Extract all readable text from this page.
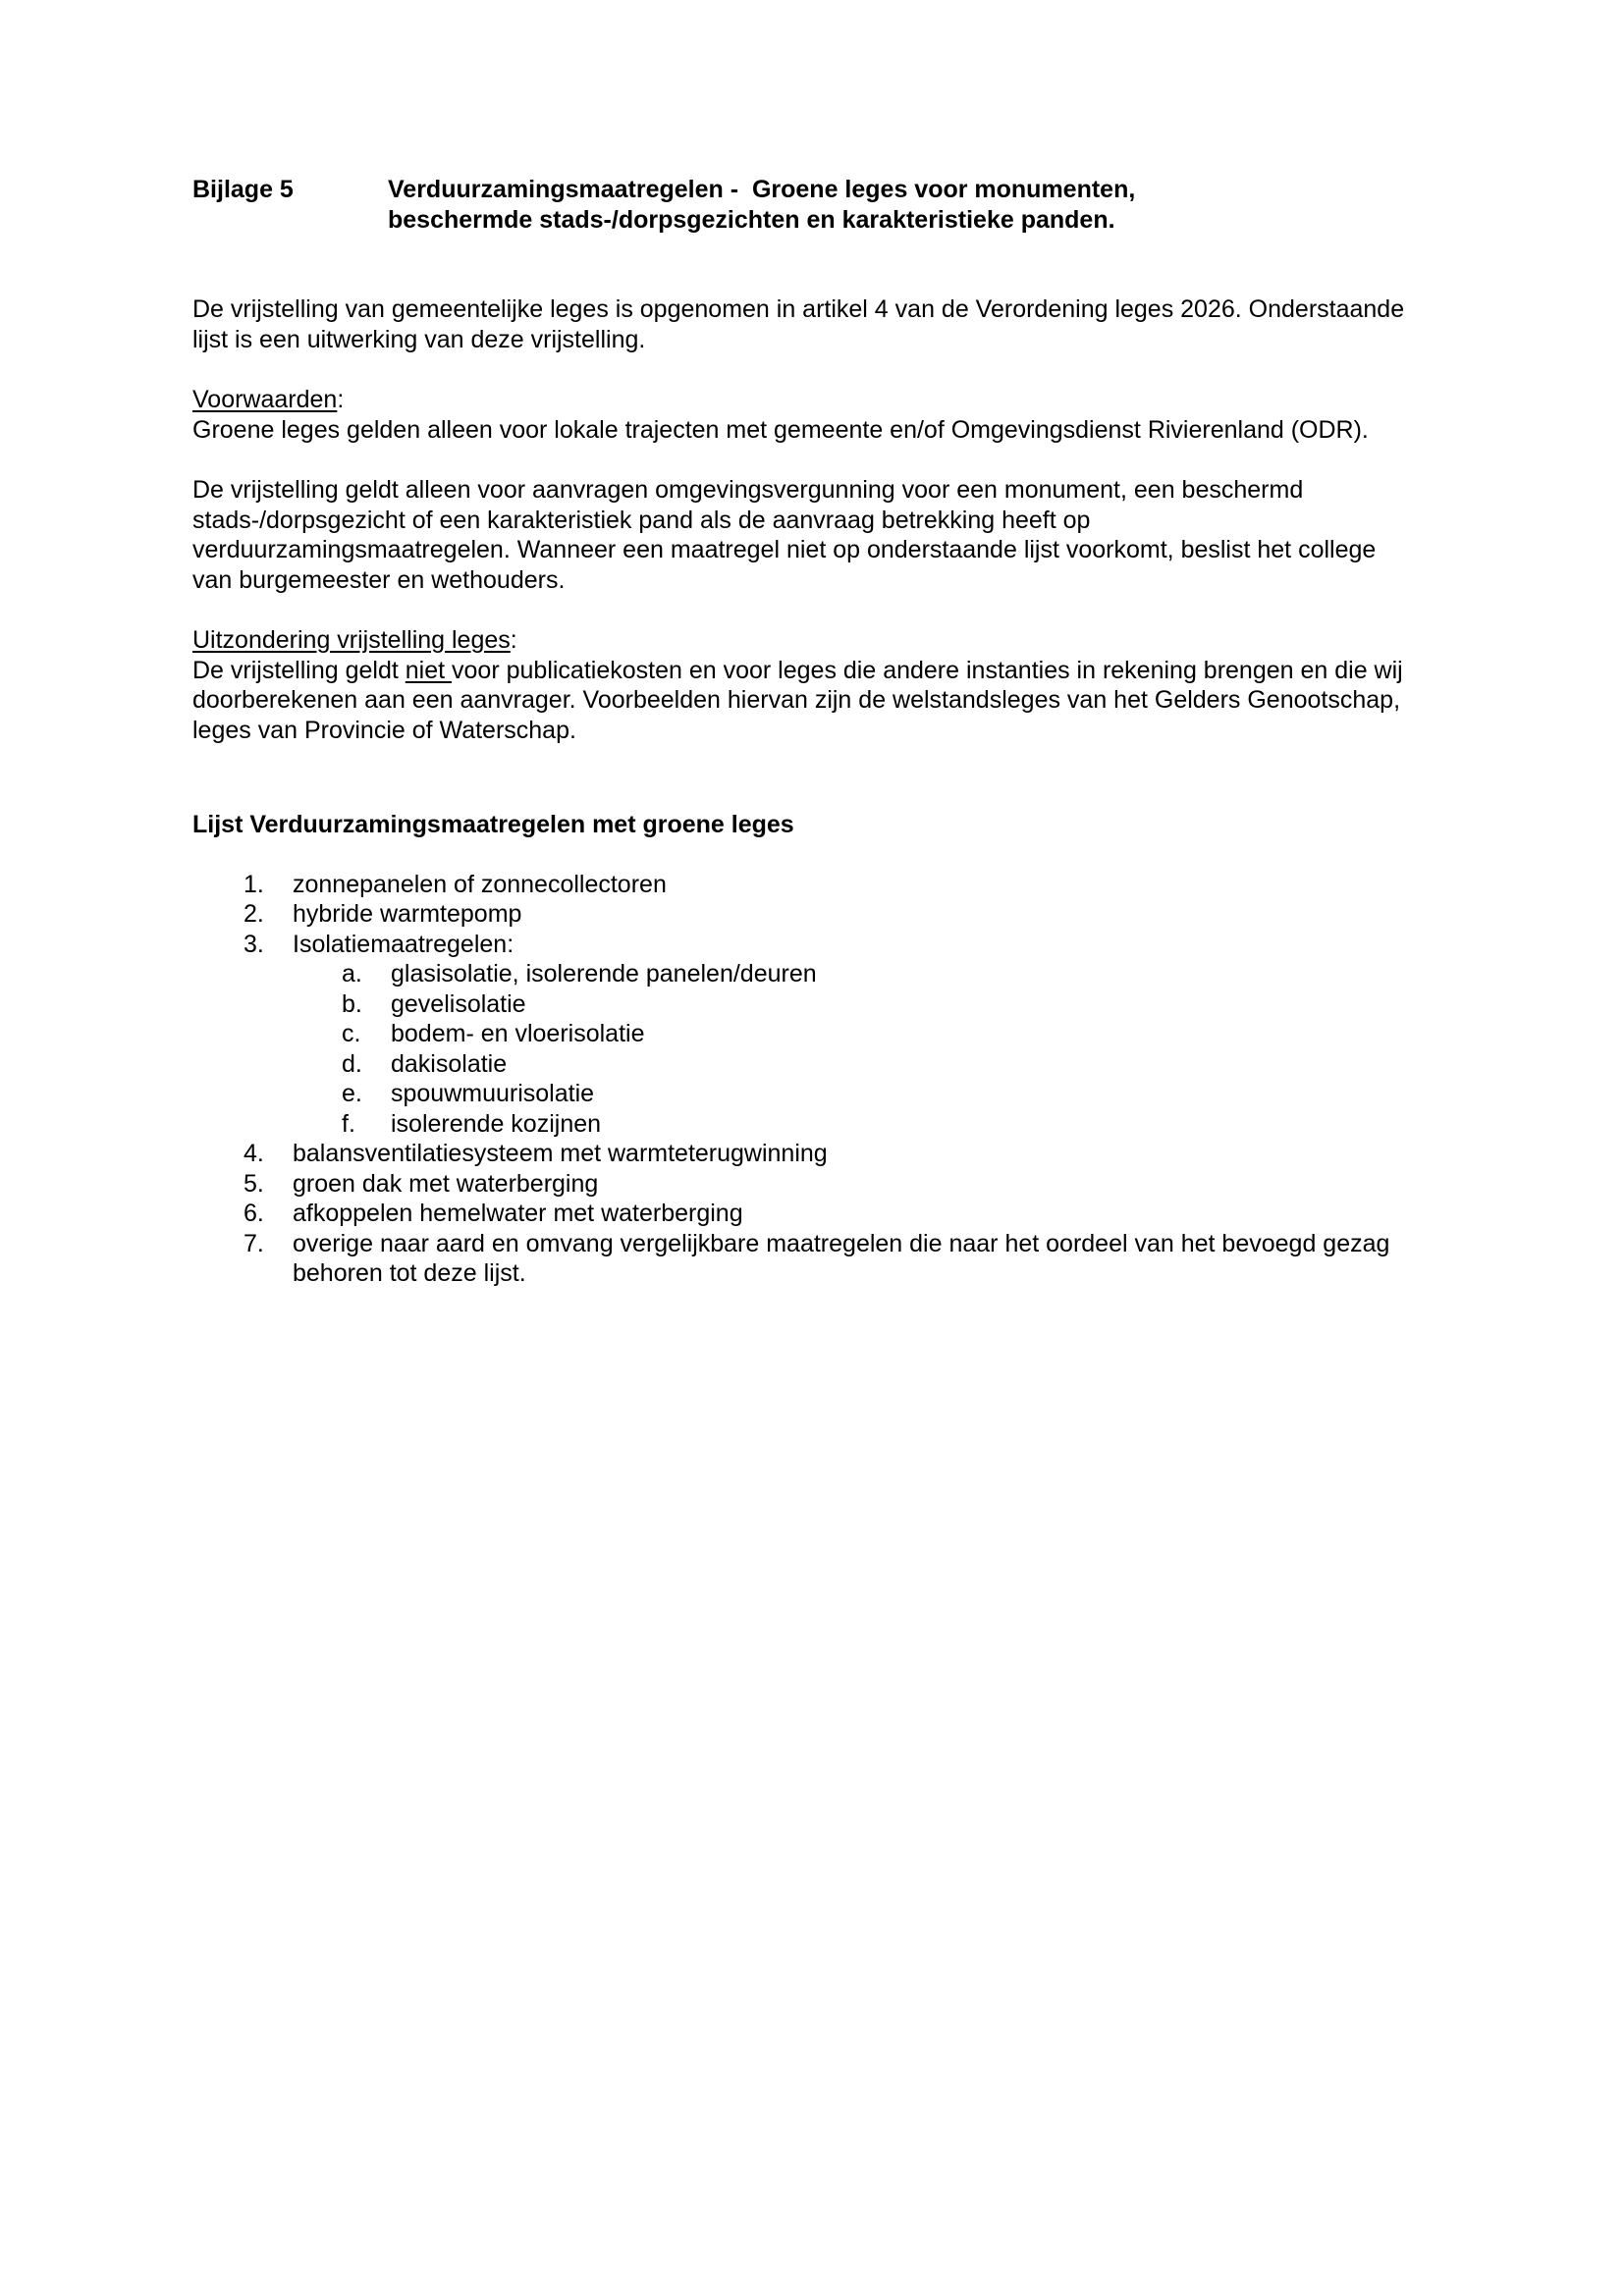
Bijlage 5	Verduurzamingsmaatregelen -  Groene leges voor monumenten,
beschermde stads-/dorpsgezichten en karakteristieke panden.

De vrijstelling van gemeentelijke leges is opgenomen in artikel 4 van de Verordening leges 2026. Onderstaande lijst is een uitwerking van deze vrijstelling.

Voorwaarden:

Groene leges gelden alleen voor lokale trajecten met gemeente en/of Omgevingsdienst Rivierenland (ODR).

De vrijstelling geldt alleen voor aanvragen omgevingsvergunning voor een monument, een beschermd stads-/dorpsgezicht of een karakteristiek pand als de aanvraag betrekking heeft op verduurzamingsmaatregelen. Wanneer een maatregel niet op onderstaande lijst voorkomt, beslist het college van burgemeester en wethouders.

Uitzondering vrijstelling leges:

De vrijstelling geldt niet voor publicatiekosten en voor leges die andere instanties in rekening brengen en die wij doorberekenen aan een aanvrager. Voorbeelden hiervan zijn de welstandsleges van het Gelders Genootschap, leges van Provincie of Waterschap.

Lijst Verduurzamingsmaatregelen met groene leges

1.	zonnepanelen of zonnecollectoren
2.	hybride warmtepomp
3.	Isolatiemaatregelen:
a.	glasisolatie, isolerende panelen/deuren
b.	gevelisolatie
c.	bodem- en vloerisolatie
d.	dakisolatie
e.	spouwmuurisolatie
f.	isolerende kozijnen
4.	balansventilatiesysteem met warmteterugwinning
5.	groen dak met waterberging
6.	afkoppelen hemelwater met waterberging
7.	overige naar aard en omvang vergelijkbare maatregelen die naar het oordeel van het bevoegd gezag behoren tot deze lijst.
